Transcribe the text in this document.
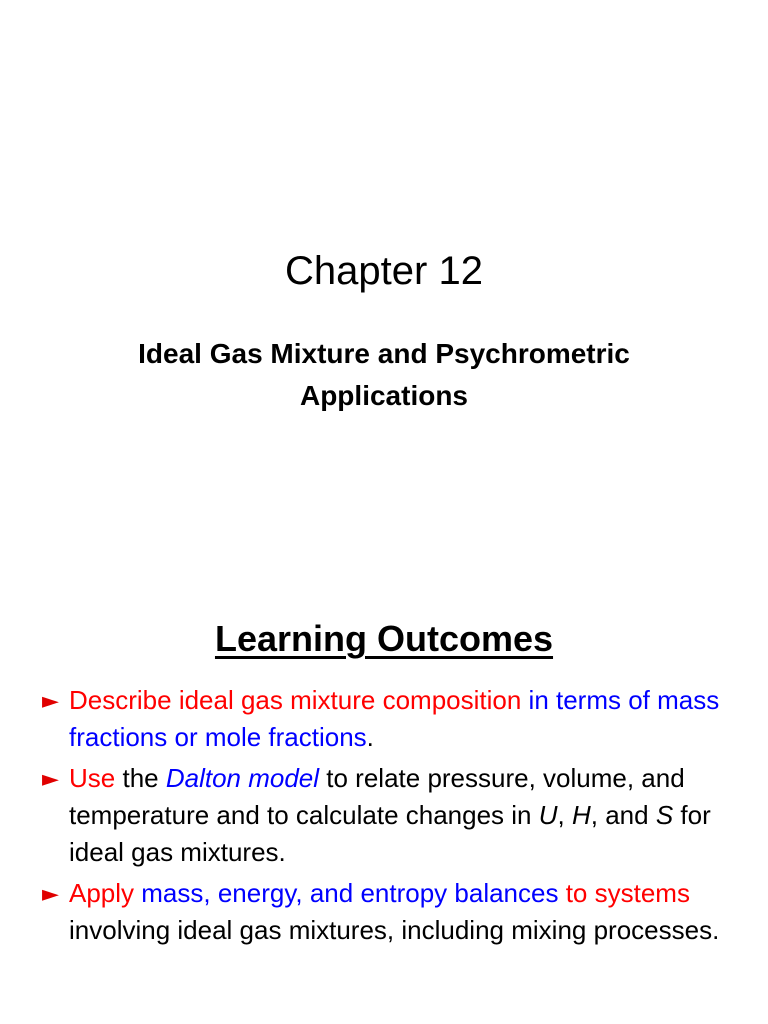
Chapter 12
Ideal Gas Mixture and Psychrometric
Applications
Learning Outcomes
► Describe ideal gas mixture composition in terms of mass fractions or mole fractions.
► Use the Dalton model to relate pressure, volume, and temperature and to calculate changes in U, H, and S for ideal gas mixtures.
► Apply mass, energy, and entropy balances to systems involving ideal gas mixtures, including mixing processes.
